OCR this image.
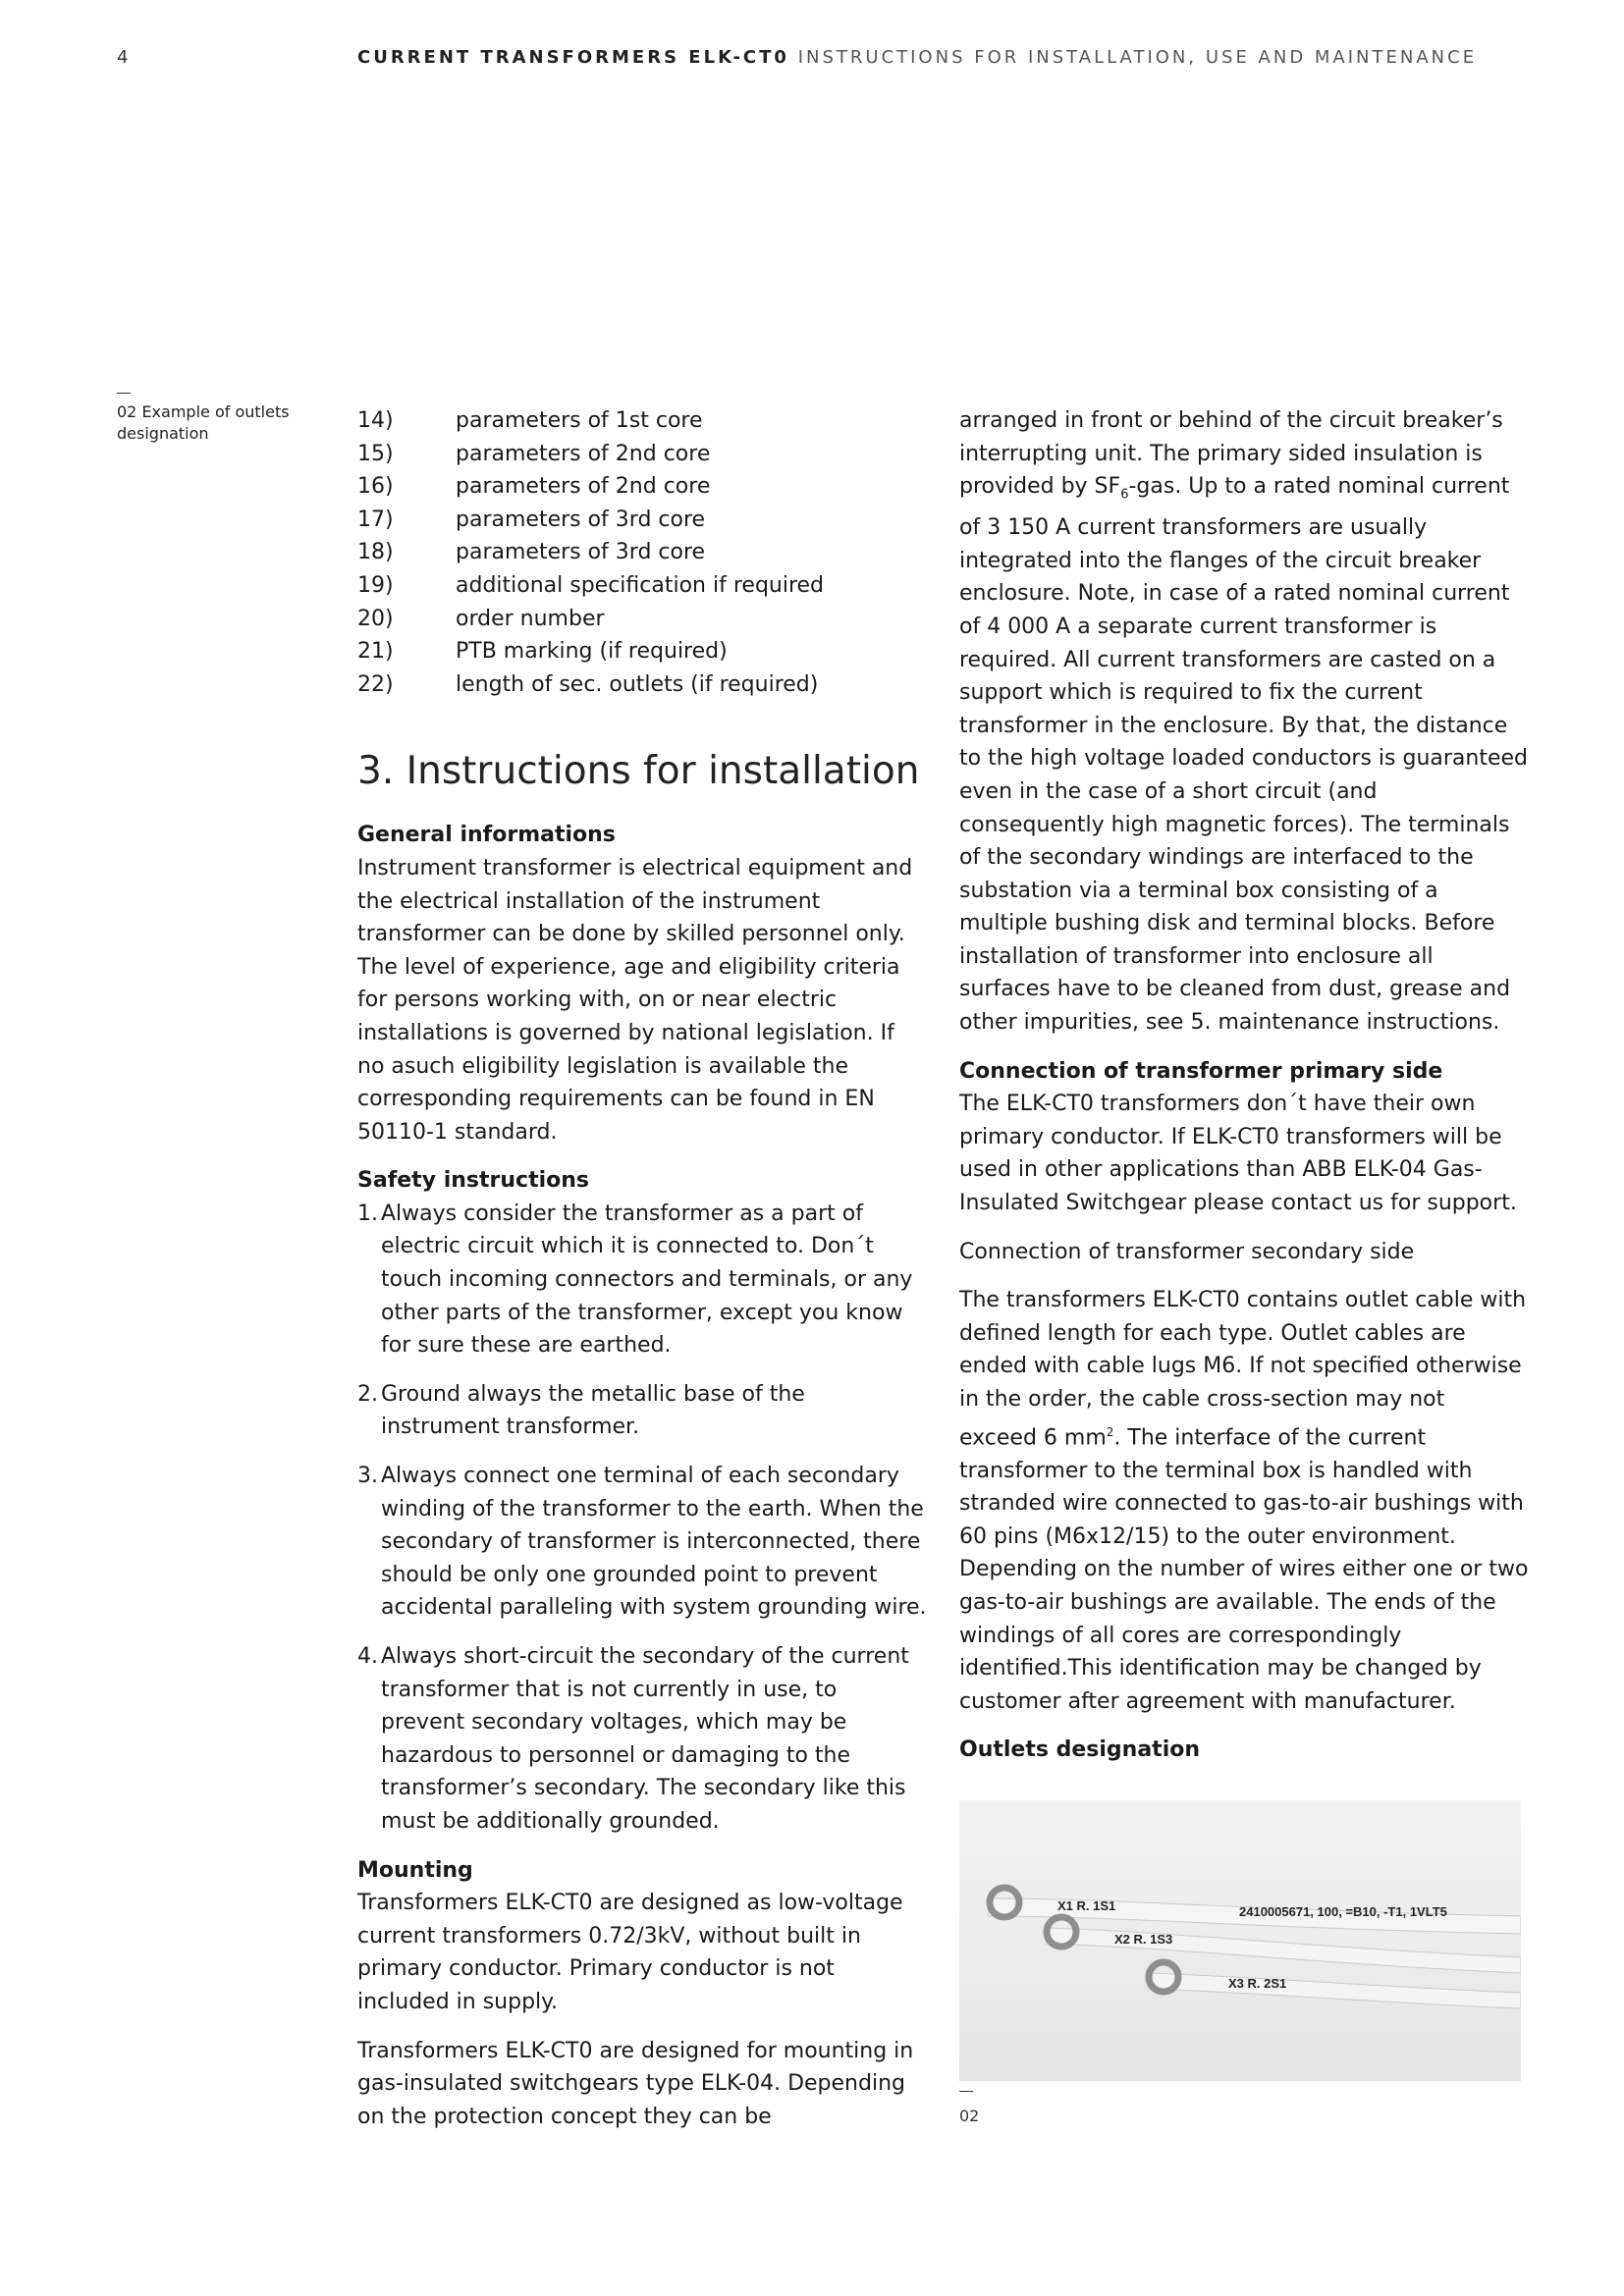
4	CURRENT TRANSFORMERS ELK-CT0 INSTRUCTIONS FOR INSTALLATION, USE AND MAINTENANCE
02 Example of outlets designation
14)	parameters of 1st core
15)	parameters of 2nd core
16)	parameters of 2nd core
17)	parameters of 3rd core
18)	parameters of 3rd core
19)	additional specification if required
20)	order number
21)	PTB marking (if required)
22)	length of sec. outlets (if required)
3. Instructions for installation

General informations

Instrument transformer is electrical equipment and the electrical installation of the instrument transformer can be done by skilled personnel only. The level of experience, age and eligibility criteria for persons working with, on or near electric installations is governed by national legislation. If no asuch eligibility legislation is available the corresponding requirements can be found in EN 50110-1 standard.

Safety instructions

1. Always consider the transformer as a part of electric circuit which it is connected to. Don´t touch incoming connectors and terminals, or any other parts of the transformer, except you know for sure these are earthed.
2. Ground always the metallic base of the instrument transformer.
3. Always connect one terminal of each secondary winding of the transformer to the earth. When the secondary of transformer is interconnected, there should be only one grounded point to prevent accidental paralleling with system grounding wire.
4. Always short-circuit the secondary of the current transformer that is not currently in use, to prevent secondary voltages, which may be hazardous to personnel or damaging to the transformer’s secondary. The secondary like this must be additionally grounded.

Mounting

Transformers ELK-CT0 are designed as low-voltage current transformers 0.72/3kV, without built in primary conductor. Primary conductor is not included in supply.

Transformers ELK-CT0 are designed for mounting in gas-insulated switchgears type ELK-04. Depending on the protection concept they can be

arranged in front or behind of the circuit breaker’s interrupting unit. The primary sided insulation is provided by $SF_6$-gas. Up to a rated nominal current of 3 150 A current transformers are usually integrated into the flanges of the circuit breaker enclosure. Note, in case of a rated nominal current of 4 000 A a separate current transformer is required. All current transformers are casted on a support which is required to fix the current transformer in the enclosure. By that, the distance to the high voltage loaded conductors is guaranteed even in the case of a short circuit (and consequently high magnetic forces). The terminals of the secondary windings are interfaced to the substation via a terminal box consisting of a multiple bushing disk and terminal blocks. Before installation of transformer into enclosure all surfaces have to be cleaned from dust, grease and other impurities, see 5. maintenance instructions.

Connection of transformer primary side

The ELK-CT0 transformers don´t have their own primary conductor. If ELK-CT0 transformers will be used in other applications than ABB ELK-04 Gas-Insulated Switchgear please contact us for support.

Connection of transformer secondary side

The transformers ELK-CT0 contains outlet cable with defined length for each type. Outlet cables are ended with cable lugs M6. If not specified otherwise in the order, the cable cross-section may not exceed 6 $mm^2$. The interface of the current transformer to the terminal box is handled with stranded wire connected to gas-to-air bushings with 60 pins (M6x12/15) to the outer environment. Depending on the number of wires either one or two gas-to-air bushings are available. The ends of the windings of all cores are correspondingly identified.This identification may be changed by customer after agreement with manufacturer.

Outlets designation

X1 R. 1S1	2410005671, 100, =B10, -T1, 1VLT5
X2 R. 1S3
X3 R. 2S1
02
